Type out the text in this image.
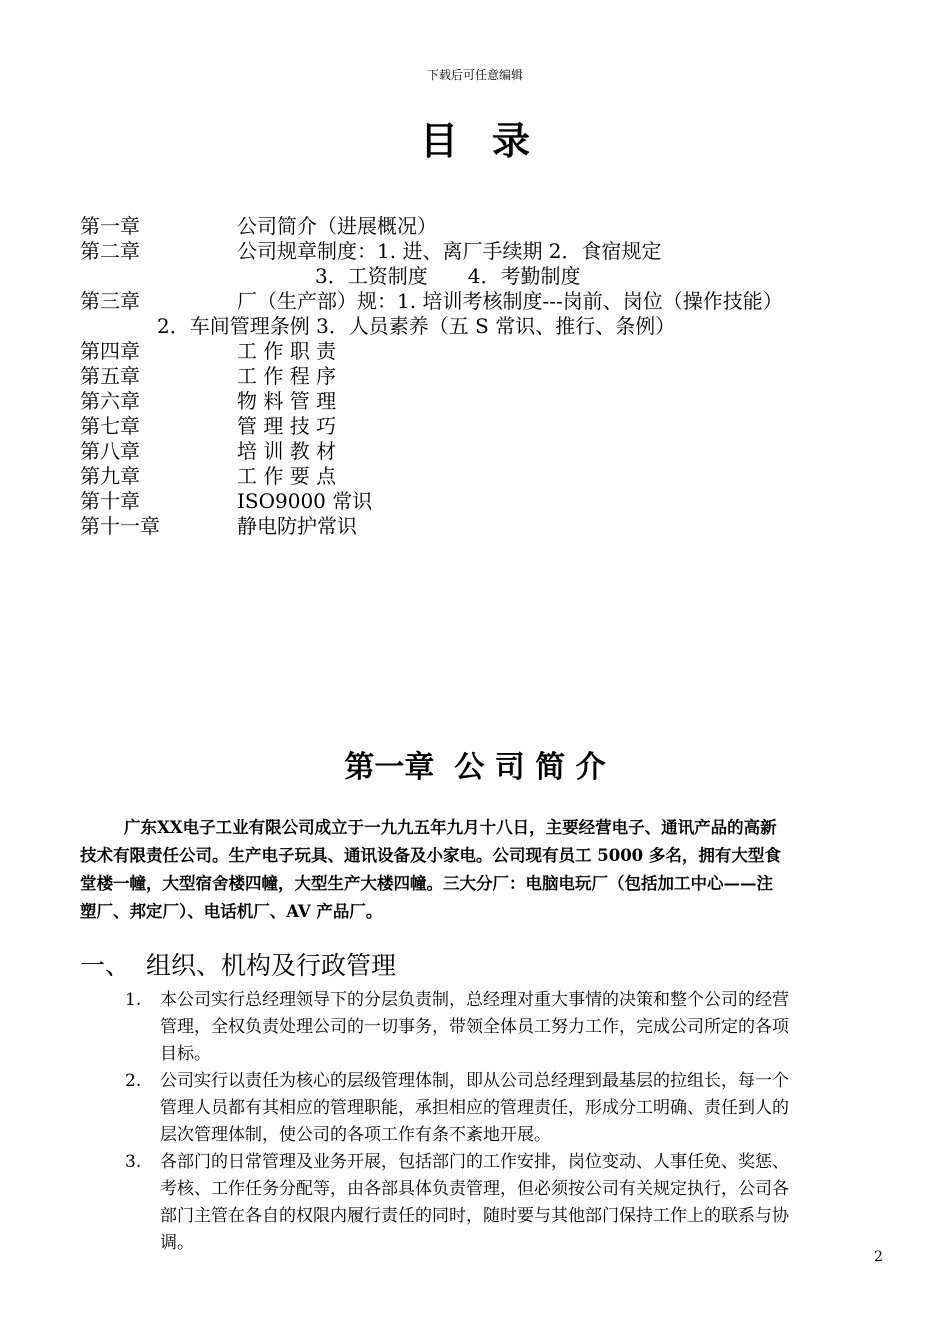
下载后可任意编辑
目录
第一章	公司简介（进展概况）
第二章	公司规章制度：1. 进、离厂手续期 2．食宿规定
3．工资制度　　4．考勤制度
第三章	厂（生产部）规：1. 培训考核制度---岗前、岗位（操作技能）
2．车间管理条例 3．人员素养（五 S 常识、推行、条例）
第四章	工 作 职 责
第五章	工 作 程 序
第六章	物 料 管 理
第七章	管 理 技 巧
第八章	培 训 教 材
第九章	工 作 要 点
第十章	ISO9000 常识
第十一章	静电防护常识
第一章 公 司 简 介
广东XX电子工业有限公司成立于一九九五年九月十八日，主要经营电子、通讯产品的高新
技术有限责任公司。生产电子玩具、通讯设备及小家电。公司现有员工 5000 多名，拥有大型食
堂楼一幢，大型宿舍楼四幢，大型生产大楼四幢。三大分厂：电脑电玩厂（包括加工中心——注
塑厂、邦定厂）、电话机厂、AV 产品厂。
一、 组织、机构及行政管理
1. 本公司实行总经理领导下的分层负责制，总经理对重大事情的决策和整个公司的经营
管理，全权负责处理公司的一切事务，带领全体员工努力工作，完成公司所定的各项
目标。
2. 公司实行以责任为核心的层级管理体制，即从公司总经理到最基层的拉组长，每一个
管理人员都有其相应的管理职能，承担相应的管理责任，形成分工明确、责任到人的
层次管理体制，使公司的各项工作有条不紊地开展。
3. 各部门的日常管理及业务开展，包括部门的工作安排，岗位变动、人事任免、奖惩、
考核、工作任务分配等，由各部具体负责管理，但必须按公司有关规定执行，公司各
部门主管在各自的权限内履行责任的同时，随时要与其他部门保持工作上的联系与协
调。
2
